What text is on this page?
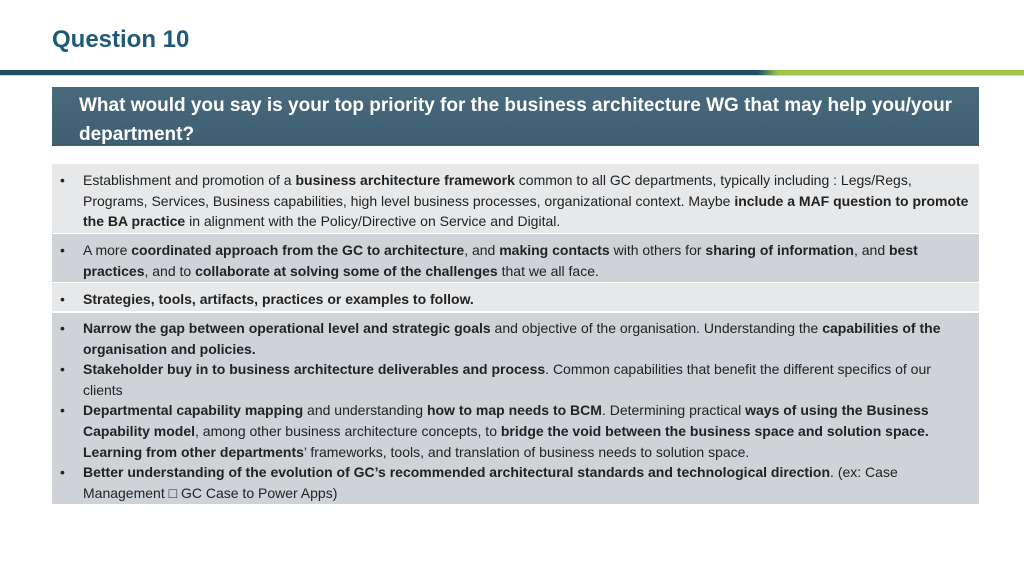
Question 10
What would you say is your top priority for the business architecture WG that may help you/your department?
• Establishment and promotion of a business architecture framework common to all GC departments, typically including : Legs/Regs, Programs, Services, Business capabilities, high level business processes, organizational context. Maybe include a MAF question to promote the BA practice in alignment with the Policy/Directive on Service and Digital.
• A more coordinated approach from the GC to architecture, and making contacts with others for sharing of information, and best practices, and to collaborate at solving some of the challenges that we all face.
• Strategies, tools, artifacts, practices or examples to follow.
• Narrow the gap between operational level and strategic goals and objective of the organisation. Understanding the capabilities of the organisation and policies.
• Stakeholder buy in to business architecture deliverables and process. Common capabilities that benefit the different specifics of our clients
• Departmental capability mapping and understanding how to map needs to BCM. Determining practical ways of using the Business Capability model, among other business architecture concepts, to bridge the void between the business space and solution space. Learning from other departments’ frameworks, tools, and translation of business needs to solution space.
• Better understanding of the evolution of GC’s recommended architectural standards and technological direction. (ex: Case Management □ GC Case to Power Apps)
